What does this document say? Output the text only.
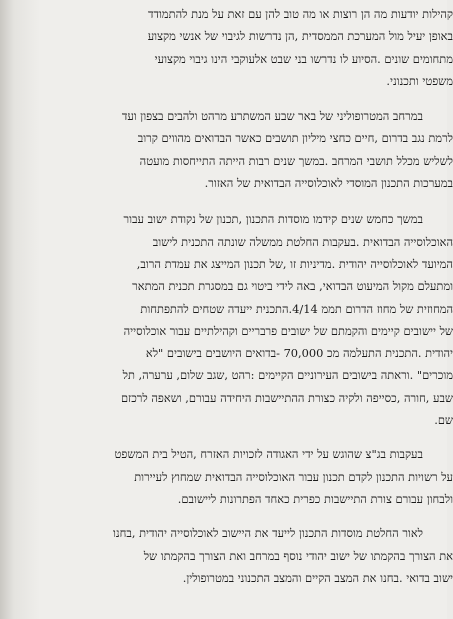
קהילות יודעות מה הן רוצות או מה טוב להן עם זאת על מנת להתמודד
באופן יעיל מול המערכת הממסדית ,הן נדרשות לגיבוי של אנשי מקצוע
מתחומים שונים .הסיוע לו נדרשו בני שבט אלעוקבי הינו גיבוי מקצועי
משפטי ותכנוני.
במרחב המטרופוליני של באר שבע המשתרע מרהט ולהבים בצפון ועד
לרמת נגב בדרום ,חיים כחצי מיליון תושבים כאשר הבדואים מהווים קרוב
לשליש מכלל תושבי המרחב .במשך שנים רבות הייתה התייחסות מועטה
במערכות התכנון המוסדי לאוכלוסייה הבדואית של האזור.
במשך כחמש שנים קידמו מוסדות התכנון ,תכנון של נקודת ישוב עבור
האוכלוסייה הבדואית .בעקבות החלטת ממשלה שונתה התכנית לישוב
המיועד לאוכלוסייה יהודית .מדיניות זו ,של תכנון המייצג את עמדת הרוב,
ומתעלם מקול המיעוט הבדואי, באה לידי ביטוי גם במסגרת תכנית המתאר
המחוזית של מחוז הדרום תממ 4/14.התכנית ייעדה שטחים להתפתחות
של יישובים קיימים והקמתם של ישובים פרבריים וקהילתיים עבור אוכלוסייה
יהודית .התכנית התעלמה מכ 70,000 -בדואים היושבים בישובים "לא
מוכרים" .וראתה בישובים העירוניים הקיימים :רהט ,שגב שלום, ערערה, תל
שבע ,חורה ,כסייפה ולקיה כצורת ההתיישבות היחידה עבורם, ושאפה לרכזם
שם.
בעקבות בג"צ שהוגש על ידי האגודה לזכויות האזרח ,הטיל בית המשפט
על רשויות התכנון לקדם תכנון עבור האוכלוסייה הבדואית שמחוץ לעיירות
ולבחון עבורם צורת התיישבות כפרית כאחד הפתרונות ליישובם.
לאור החלטת מוסדות התכנון לייעד את היישוב לאוכלוסייה יהודית ,בחנו
את הצורך בהקמתו של ישוב יהודי נוסף במרחב ואת הצורך בהקמתו של
ישוב בדואי .בחנו את המצב הקיים והמצב התכנוני במטרופולין.
